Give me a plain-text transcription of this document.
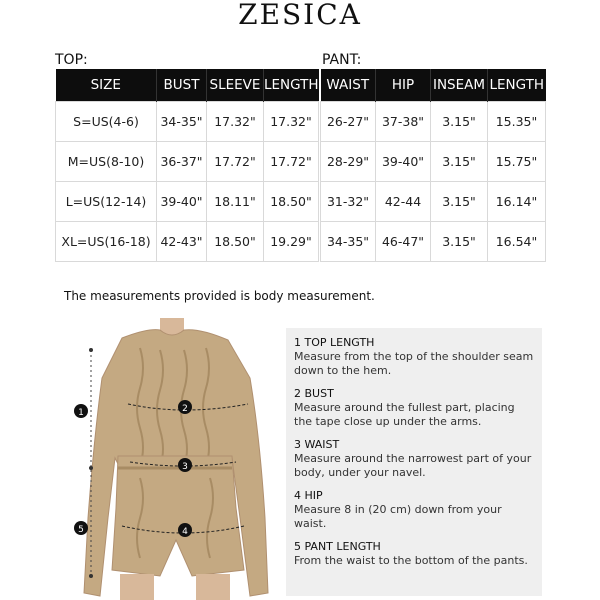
ZESICA
TOP:	PANT:
SIZE	BUST	SLEEVE	LENGTH
S=US(4-6)	34-35"	17.32"	17.32"
M=US(8-10)	36-37"	17.72"	17.72"
L=US(12-14)	39-40"	18.11"	18.50"
XL=US(16-18)	42-43"	18.50"	19.29"
WAIST	HIP	INSEAM	LENGTH
26-27"	37-38"	3.15"	15.35"
28-29"	39-40"	3.15"	15.75"
31-32"	42-44	3.15"	16.14"
34-35"	46-47"	3.15"	16.54"
The measurements provided is body measurement.
1	2
3
4
5
1 TOP LENGTH
Measure from the top of the shoulder seam down to the hem.
2 BUST
Measure around the fullest part, placing the tape close up under the arms.
3 WAIST
Measure around the narrowest part of your body, under your navel.
4 HIP
Measure 8 in (20 cm) down from your waist.
5 PANT LENGTH
From the waist to the bottom of the pants.
